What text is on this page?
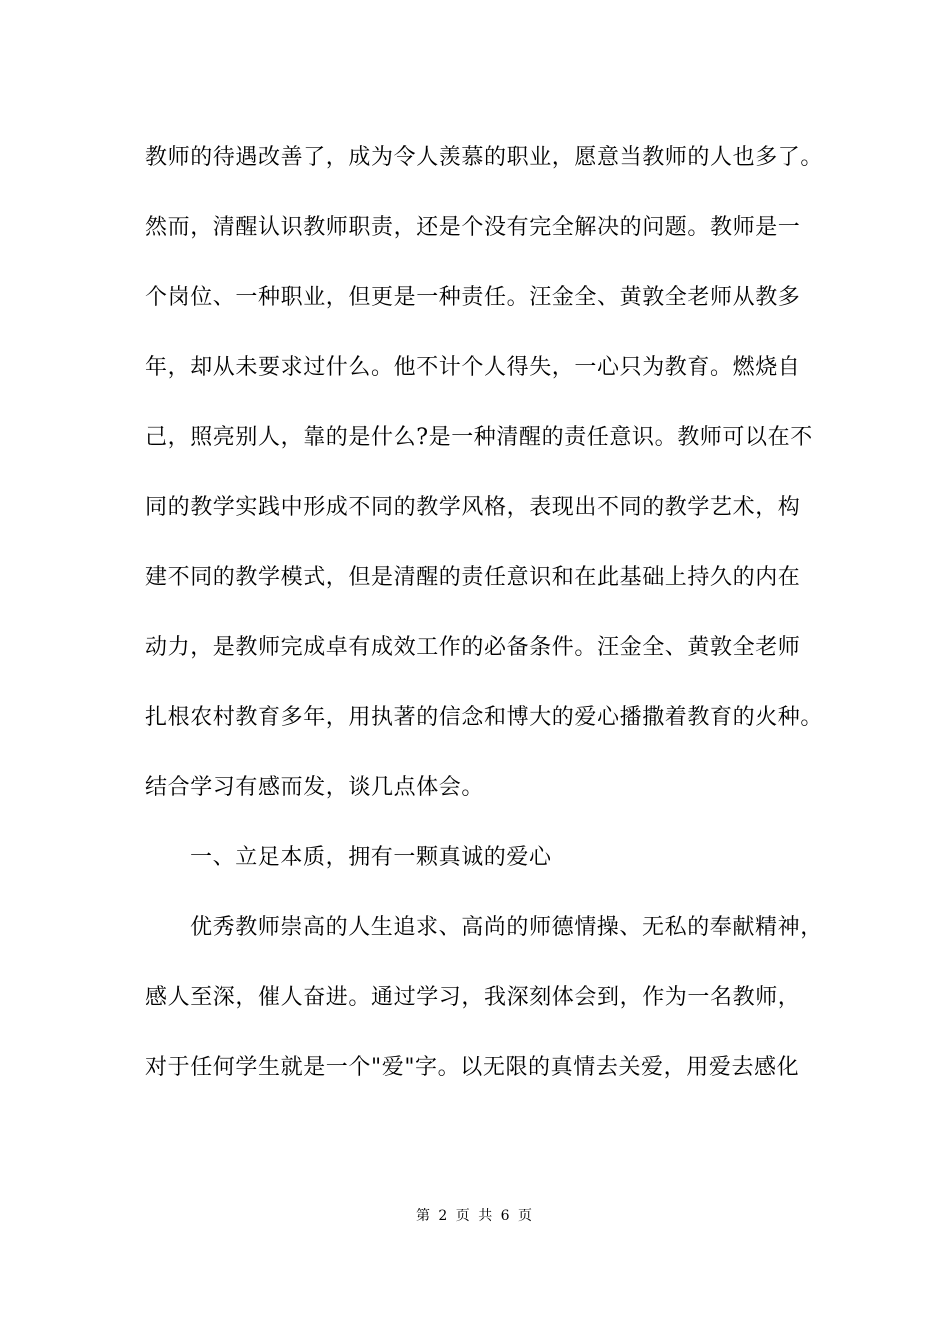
教师的待遇改善了，成为令人羡慕的职业，愿意当教师的人也多了。
然而，清醒认识教师职责，还是个没有完全解决的问题。教师是一
个岗位、一种职业，但更是一种责任。汪金全、黄敦全老师从教多
年，却从未要求过什么。他不计个人得失，一心只为教育。燃烧自
己，照亮别人，靠的是什么?是一种清醒的责任意识。教师可以在不
同的教学实践中形成不同的教学风格，表现出不同的教学艺术，构
建不同的教学模式，但是清醒的责任意识和在此基础上持久的内在
动力，是教师完成卓有成效工作的必备条件。汪金全、黄敦全老师
扎根农村教育多年，用执著的信念和博大的爱心播撒着教育的火种。
结合学习有感而发，谈几点体会。
一、立足本质，拥有一颗真诚的爱心
优秀教师崇高的人生追求、高尚的师德情操、无私的奉献精神，
感人至深，催人奋进。通过学习，我深刻体会到，作为一名教师，
对于任何学生就是一个"爱"字。以无限的真情去关爱，用爱去感化
第 2 页 共 6 页
